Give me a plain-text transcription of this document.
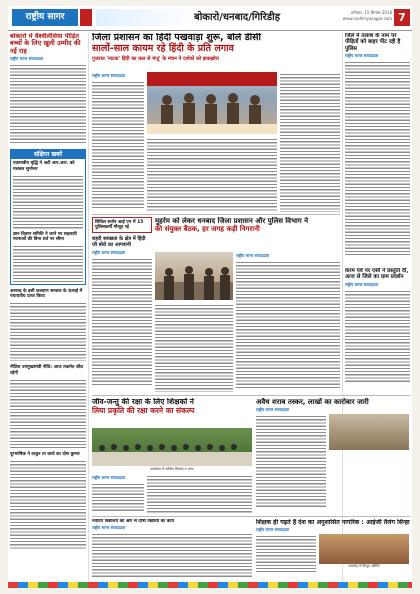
राष्ट्रीय सागर	बोकारो/धनबाद/गिरिडीह	शनिवार, 15 सितंबर 2018
www.rashtriyasagar.com 7
बोकारो में वैश्वेलिसिया पीड़ित बच्चों के लिए खुली उम्मीद की नई राह
राष्ट्रीय सागर संवाददाता
संक्षिप्त खबरें
एकमात्रीय बृद्धि ने अटी आर.आर. को मलतल सुनोत्तर
ज्ञान विज्ञान समिति ने धरने पर सहकारी रचनाओं की बिना शर्त पर सीमा
अरवन्द्र के इसी कल्याण सरकार के ऊंचाई में पंचायतीय प्राप्त किया
नीतिश उपमुख्यमंत्री नीति: आज तकमेत शीघ्र रहेगी
दूरभाषिक ने ठाकुर ता कार्य का दोस कुमार
जिला प्रशासन का हिंदी पखवाड़ा शुरू, बोले डीसी
सालों-साल कायम रहे हिंदी के प्रति लगाव
गुजरात 'नाटक' हिंदी का कल से मंजू' के मंचन ने दर्शकों को झकझोरा
राष्ट्रीय सागर संवाददाता
जिले में तलाश के नाम पर पीड़ितों को बाहर पीट रही है पुलिस
राष्ट्रीय सागर संवाददाता
सिविल सर्जन आई एन में 15 पुलिसकर्मी मौजूद रहे
शहरी स्वच्छता के क्षेत्र में हिंदी जी बोरो का आगवानी
राष्ट्रीय सागर संवाददाता
मुहर्रम को लेकर धनबाद जिला प्रशासन और पुलिस विभाग ने
की संयुक्त बैठक, हर जगह कड़ी निगरानी
राष्ट्रीय सागर संवाददाता
करम पर्व पर एसी ने प्रस्तुति दी, आज से जिले का ग्राम प्रदर्शन
राष्ट्रीय सागर संवाददाता
जीव-जन्तु की रक्षा के लिए शिक्षकों ने
लिया प्रकृति की रक्षा करने का संकल्प
कार्यक्रम में शामिल शिक्षक व अन्य
राष्ट्रीय सागर संवाददाता
अवैध शराब तस्कर, लाखों का कारोबार जारी
राष्ट्रीय सागर संवाददाता
नवोदय विद्यालय की ओर से दोषी विद्यार्थी का कार्य
राष्ट्रीय सागर संवाददाता
शिक्षक ही गढ़ते हैं देश का अनुशासित नागरिक : आईजी तैलंग सिन्हा
राष्ट्रीय सागर संवाददाता
समारोह में मौजूद अतिथि
